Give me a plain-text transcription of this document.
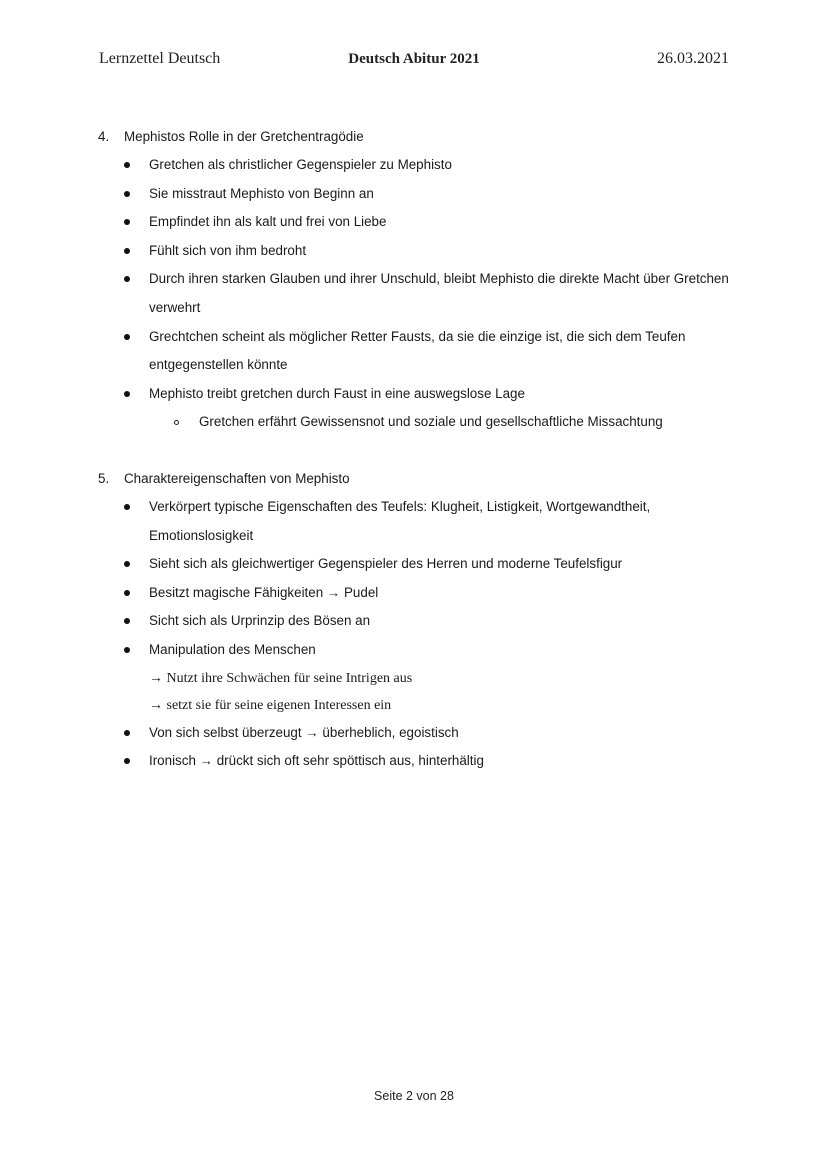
Lernzettel Deutsch	Deutsch Abitur 2021	26.03.2021
4. Mephistos Rolle in der Gretchentragödie
Gretchen als christlicher Gegenspieler zu Mephisto
Sie misstraut Mephisto von Beginn an
Empfindet ihn als kalt und frei von Liebe
Fühlt sich von ihm bedroht
Durch ihren starken Glauben und ihrer Unschuld, bleibt Mephisto die direkte Macht über Gretchen verwehrt
Grechtchen scheint als möglicher Retter Fausts, da sie die einzige ist, die sich dem Teufen entgegenstellen könnte
Mephisto treibt gretchen durch Faust in eine auswegslose Lage
Gretchen erfährt Gewissensnot und soziale und gesellschaftliche Missachtung
5. Charaktereigenschaften von Mephisto
Verkörpert typische Eigenschaften des Teufels: Klugheit, Listigkeit, Wortgewandtheit, Emotionslosigkeit
Sieht sich als gleichwertiger Gegenspieler des Herren und moderne Teufelsfigur
Besitzt magische Fähigkeiten → Pudel
Sicht sich als Urprinzip des Bösen an
Manipulation des Menschen
→ Nutzt ihre Schwächen für seine Intrigen aus
→ setzt sie für seine eigenen Interessen ein
Von sich selbst überzeugt → überheblich, egoistisch
Ironisch → drückt sich oft sehr spöttisch aus, hinterhältig
Seite 2 von 28
